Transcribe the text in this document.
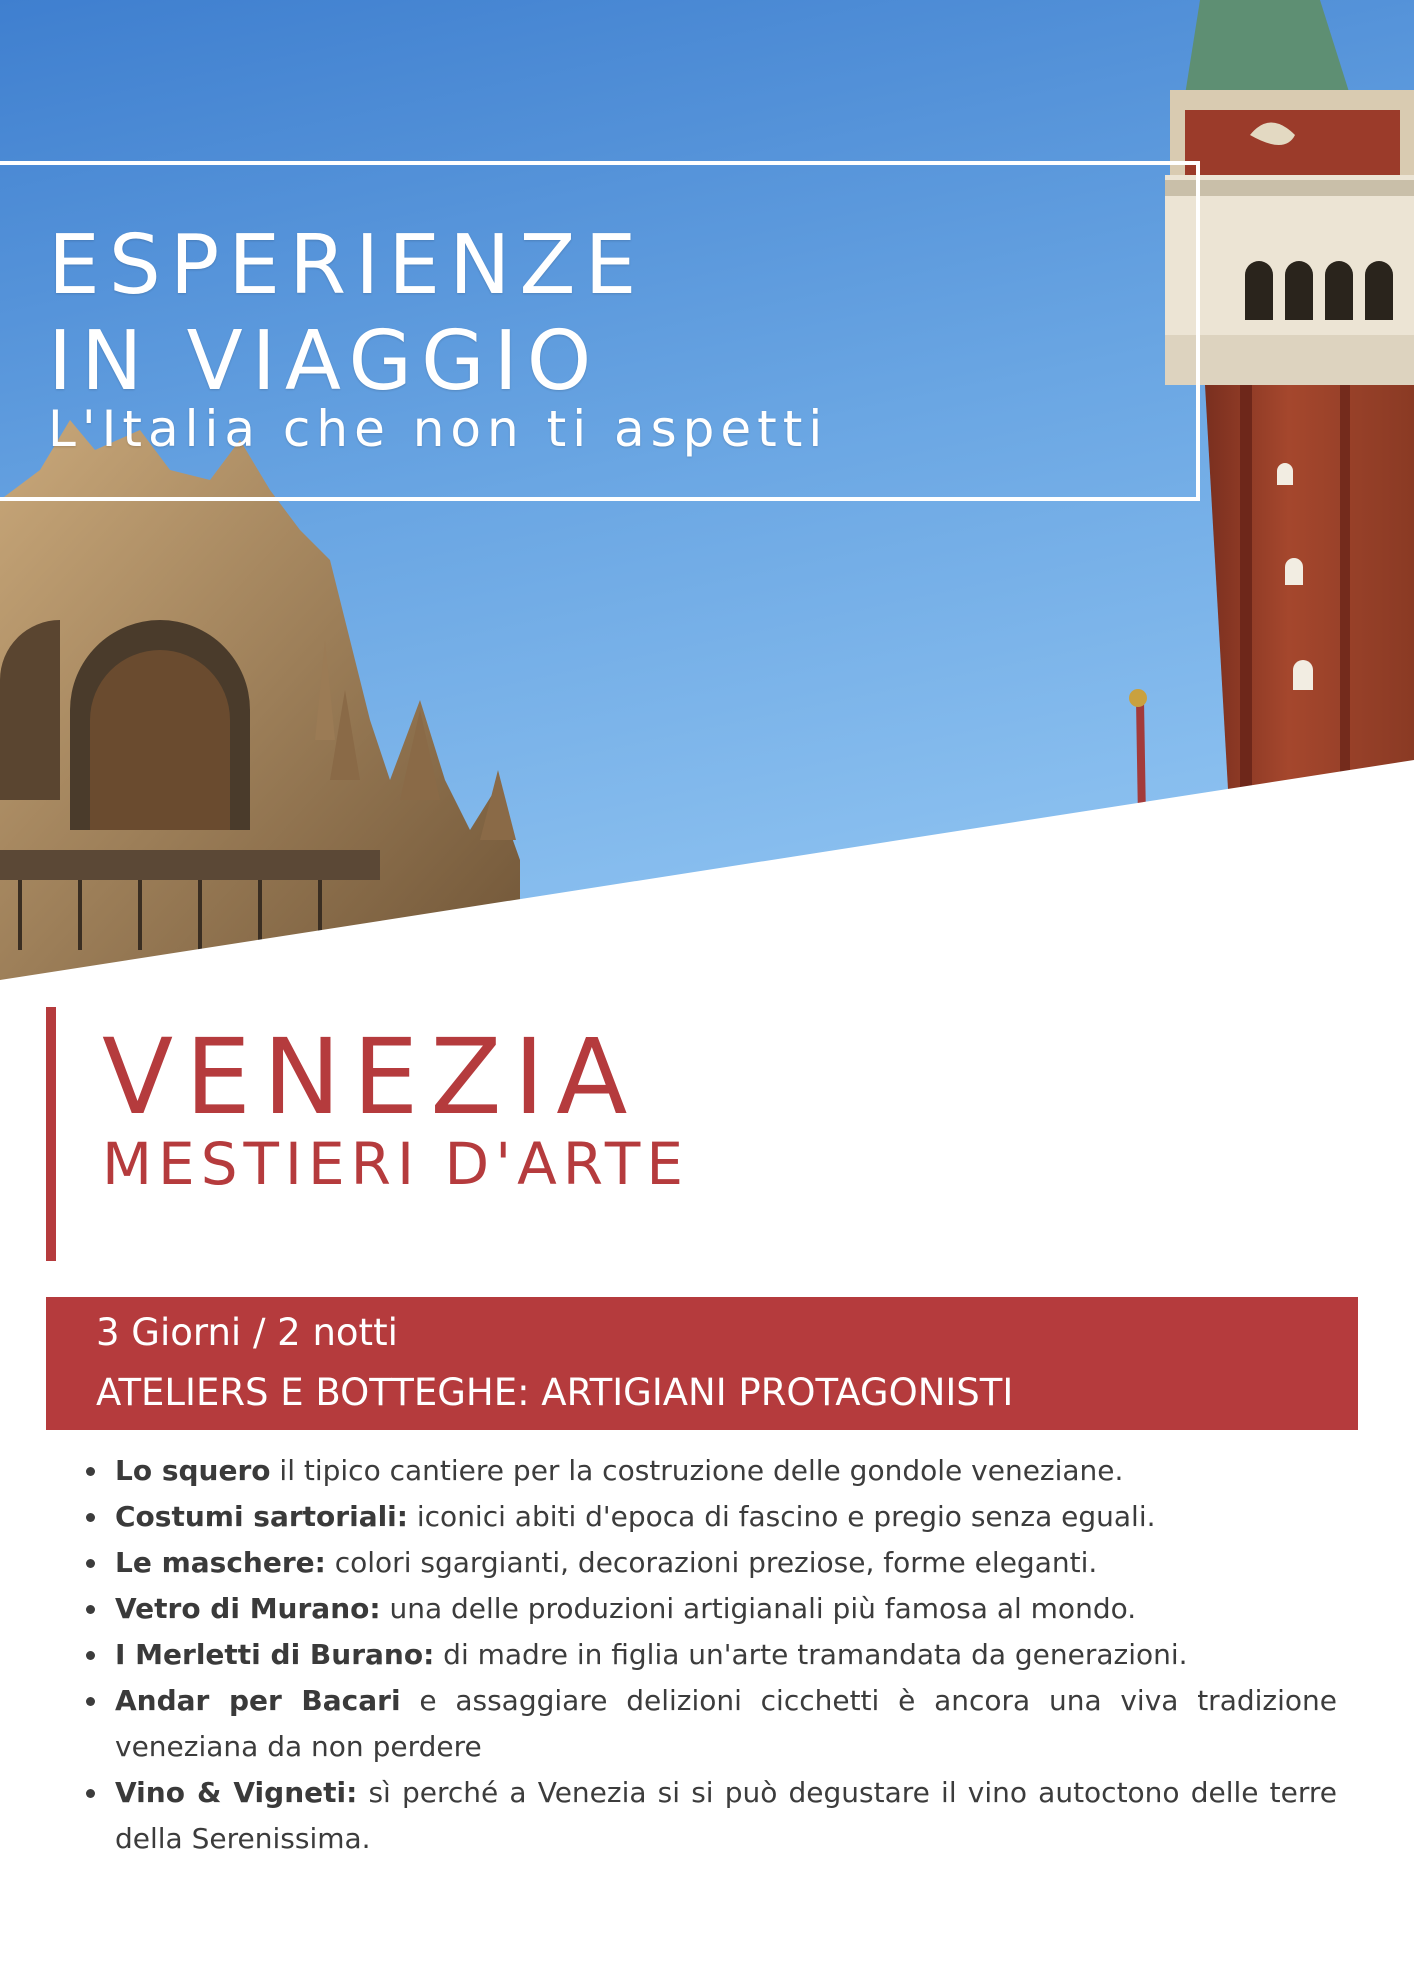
ESPERIENZE
IN VIAGGIO
L'Italia che non ti aspetti
VENEZIA
MESTIERI D'ARTE
3 Giorni / 2 notti
ATELIERS E BOTTEGHE: ARTIGIANI PROTAGONISTI
Lo squero il tipico cantiere per la costruzione delle gondole veneziane.
Costumi sartoriali: iconici abiti d'epoca di fascino e pregio senza eguali.
Le maschere: colori sgargianti, decorazioni preziose, forme eleganti.
Vetro di Murano: una delle produzioni artigianali più famosa al mondo.
I Merletti di Burano: di madre in figlia un'arte tramandata da generazioni.
Andar per Bacari e assaggiare delizioni cicchetti è ancora una viva tradizione veneziana da non perdere
Vino & Vigneti: sì perché a Venezia si si può degustare il vino autoctono delle terre della Serenissima.
